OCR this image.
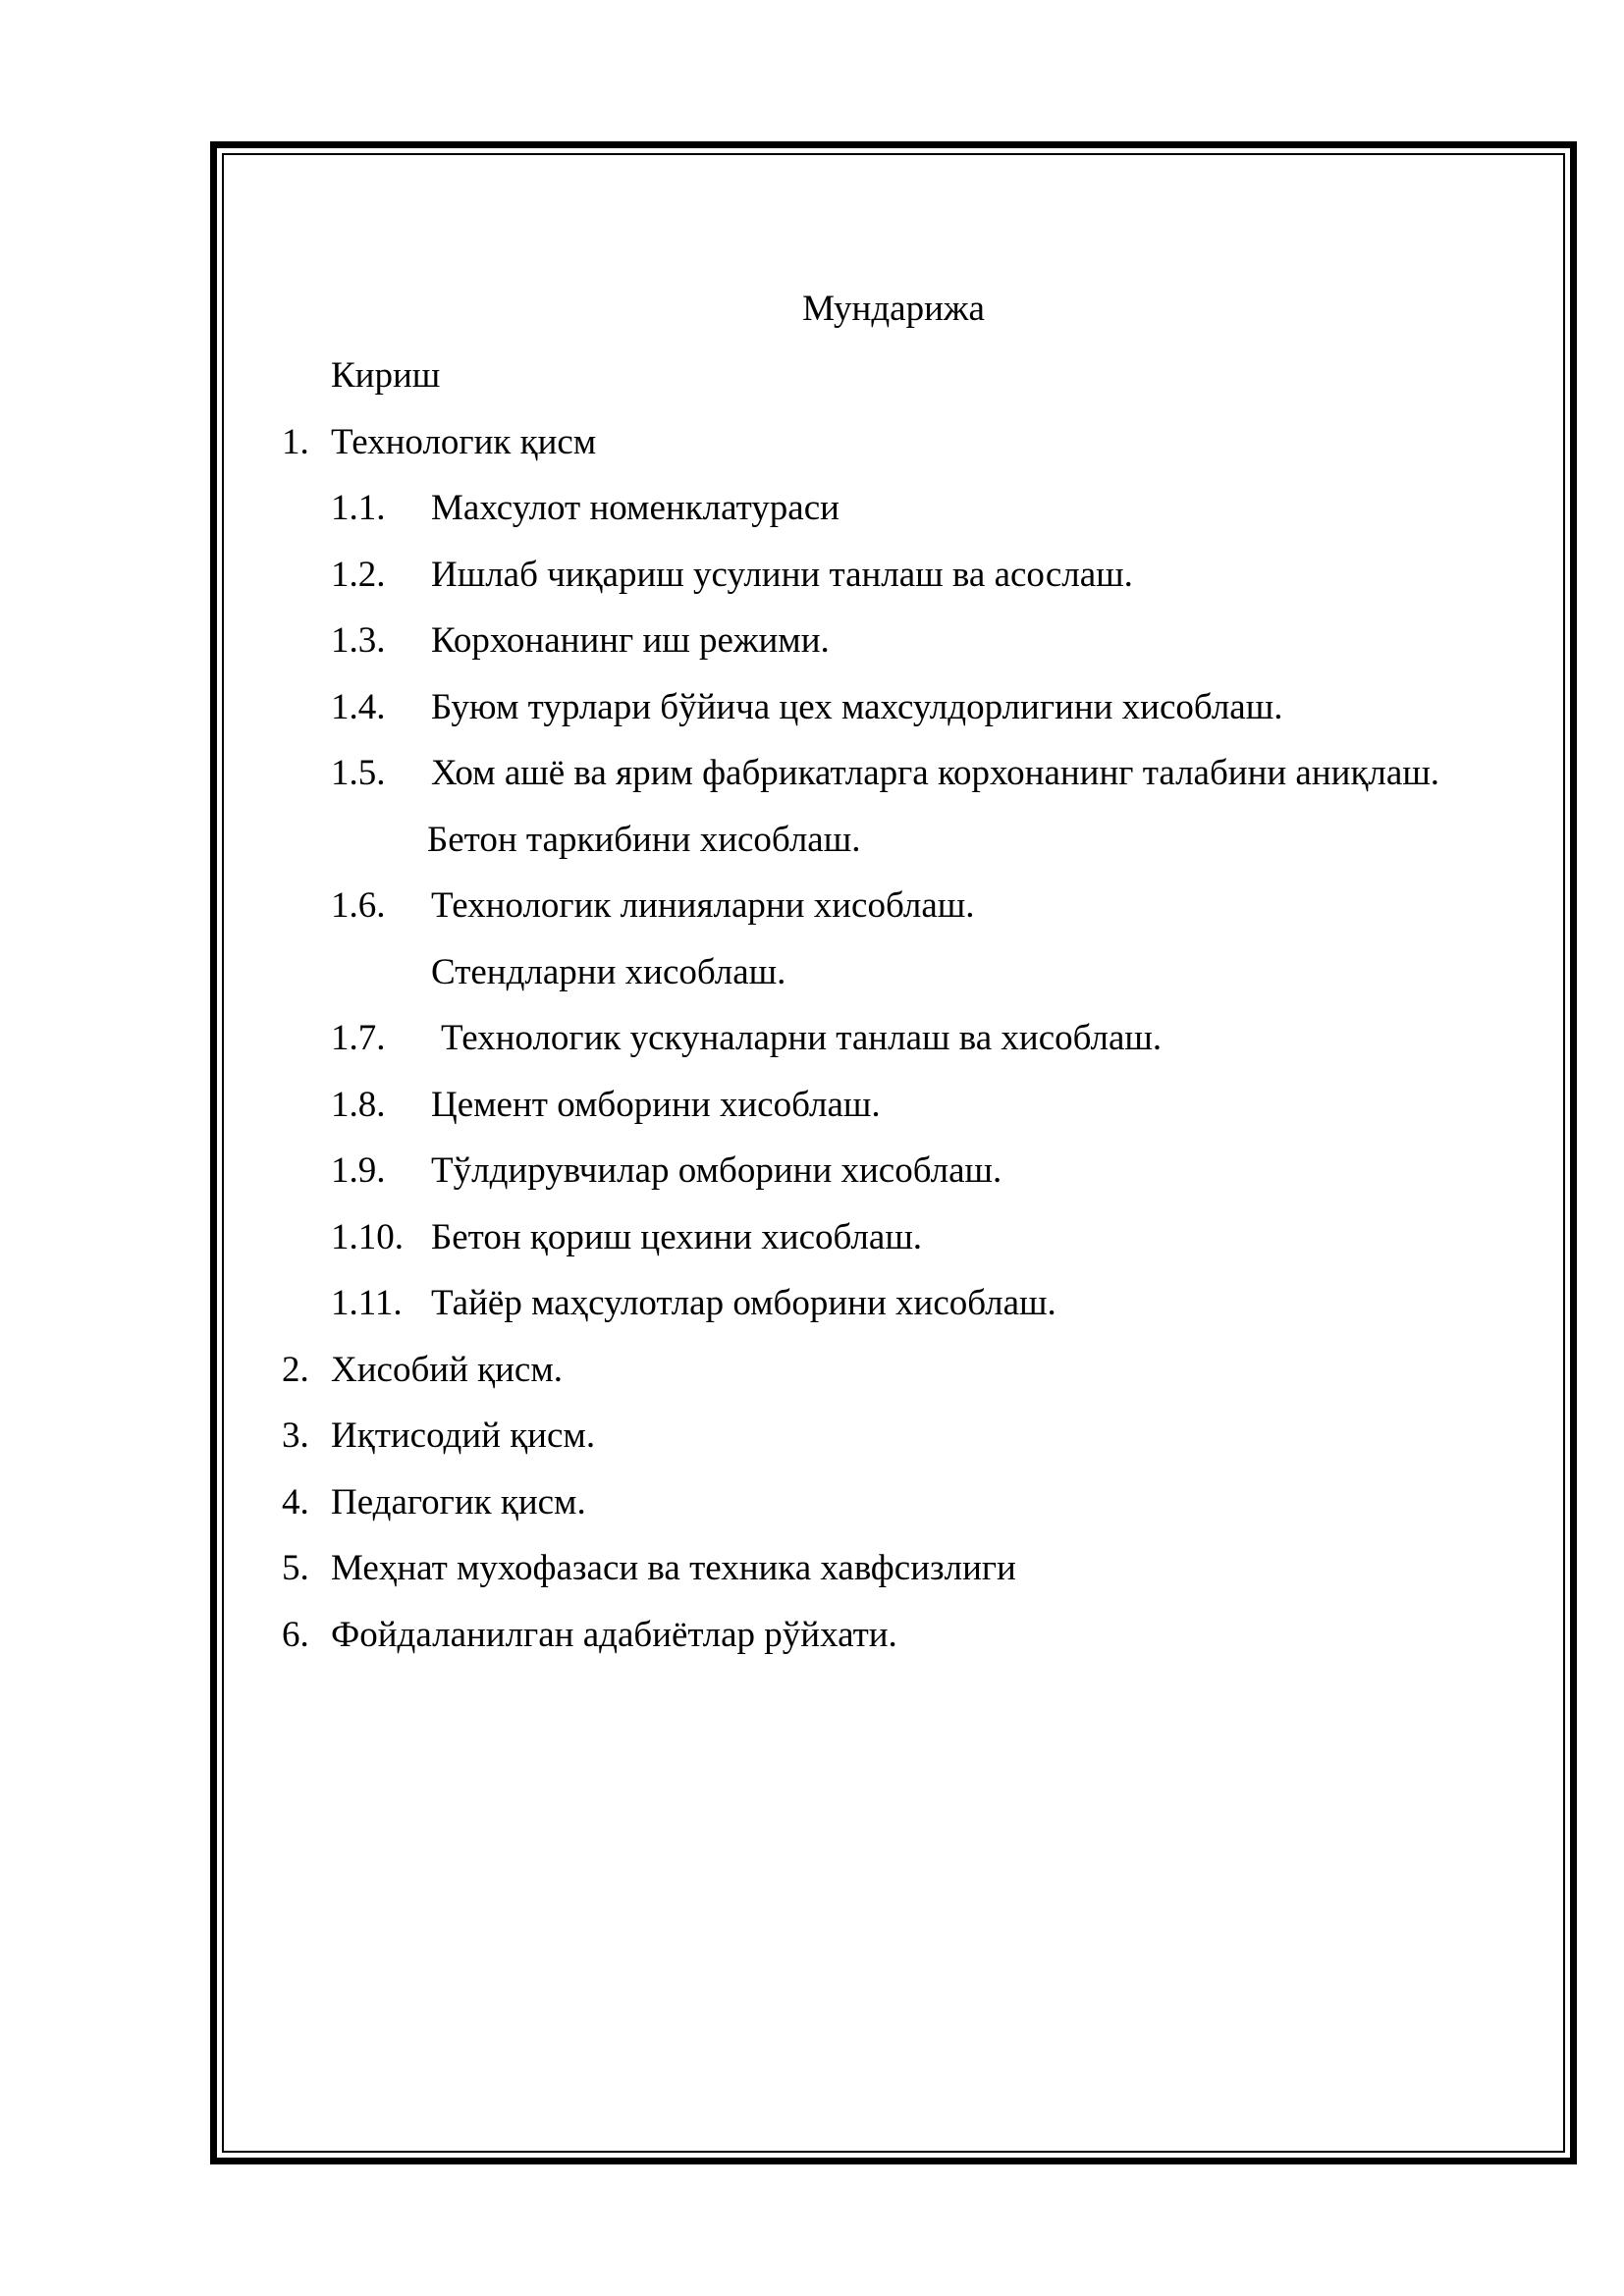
Мундарижа
Кириш
1. Технологик қисм
1.1. Махсулот номенклатураси
1.2. Ишлаб чиқариш усулини танлаш ва асослаш.
1.3. Корхонанинг иш режими.
1.4. Буюм турлари бўйича цех махсулдорлигини хисоблаш.
1.5. Хом ашё ва ярим фабрикатларга корхонанинг талабини аниқлаш.
Бетон таркибини хисоблаш.
1.6. Технологик линияларни хисоблаш.
Стендларни хисоблаш.
1.7. Технологик ускуналарни танлаш ва хисоблаш.
1.8. Цемент омборини хисоблаш.
1.9. Тўлдирувчилар омборини хисоблаш.
1.10. Бетон қориш цехини хисоблаш.
1.11. Тайёр маҳсулотлар омборини хисоблаш.
2. Хисобий қисм.
3. Иқтисодий қисм.
4. Педагогик қисм.
5. Меҳнат мухофазаси ва техника хавфсизлиги
6. Фойдаланилган адабиётлар рўйхати.
